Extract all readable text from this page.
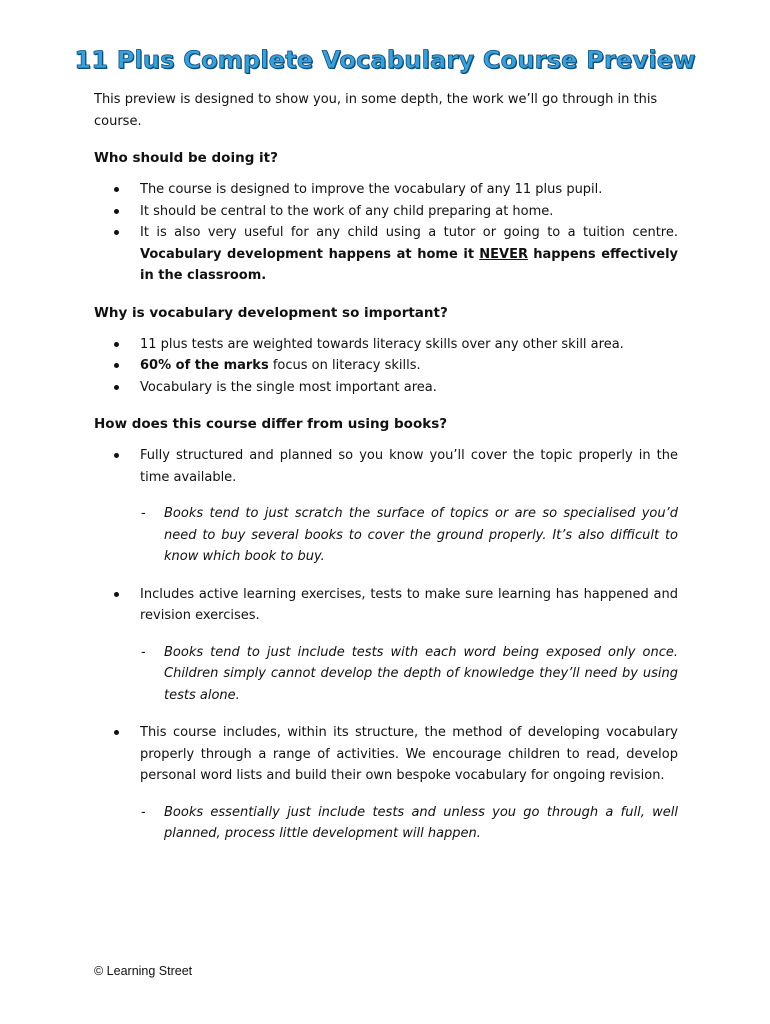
11 Plus Complete Vocabulary Course Preview

This preview is designed to show you, in some depth, the work we’ll go through in this course.

Who should be doing it?
The course is designed to improve the vocabulary of any 11 plus pupil.
It should be central to the work of any child preparing at home.
It is also very useful for any child using a tutor or going to a tuition centre. Vocabulary development happens at home it NEVER happens effectively in the classroom.
Why is vocabulary development so important?
11 plus tests are weighted towards literacy skills over any other skill area.
60% of the marks focus on literacy skills.
Vocabulary is the single most important area.
How does this course differ from using books?
Fully structured and planned so you know you’ll cover the topic properly in the time available.
- Books tend to just scratch the surface of topics or are so specialised you’d need to buy several books to cover the ground properly. It’s also difficult to know which book to buy.
Includes active learning exercises, tests to make sure learning has happened and revision exercises.
- Books tend to just include tests with each word being exposed only once. Children simply cannot develop the depth of knowledge they’ll need by using tests alone.
This course includes, within its structure, the method of developing vocabulary properly through a range of activities. We encourage children to read, develop personal word lists and build their own bespoke vocabulary for ongoing revision.
- Books essentially just include tests and unless you go through a full, well planned, process little development will happen.
© Learning Street
